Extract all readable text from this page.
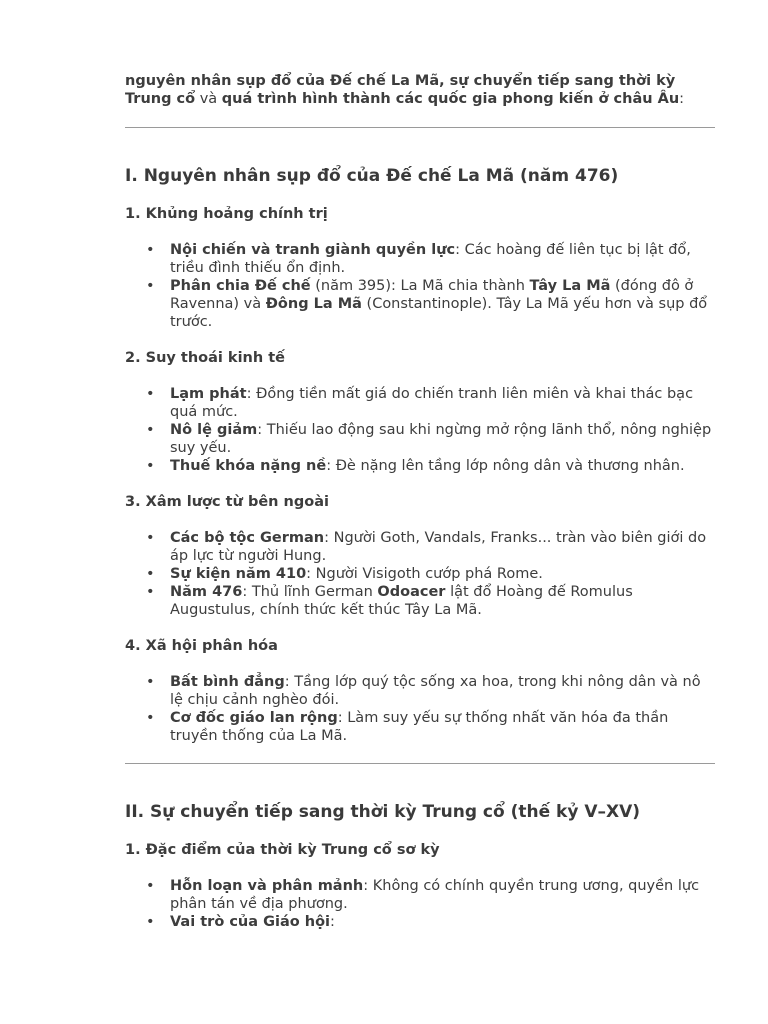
nguyên nhân sụp đổ của Đế chế La Mã, sự chuyển tiếp sang thời kỳ Trung cổ và quá trình hình thành các quốc gia phong kiến ở châu Âu:

I. Nguyên nhân sụp đổ của Đế chế La Mã (năm 476)
1. Khủng hoảng chính trị
• Nội chiến và tranh giành quyền lực: Các hoàng đế liên tục bị lật đổ, triều đình thiếu ổn định.
• Phân chia Đế chế (năm 395): La Mã chia thành Tây La Mã (đóng đô ở Ravenna) và Đông La Mã (Constantinople). Tây La Mã yếu hơn và sụp đổ trước.
2. Suy thoái kinh tế
• Lạm phát: Đồng tiền mất giá do chiến tranh liên miên và khai thác bạc quá mức.
• Nô lệ giảm: Thiếu lao động sau khi ngừng mở rộng lãnh thổ, nông nghiệp suy yếu.
• Thuế khóa nặng nề: Đè nặng lên tầng lớp nông dân và thương nhân.
3. Xâm lược từ bên ngoài
• Các bộ tộc German: Người Goth, Vandals, Franks... tràn vào biên giới do áp lực từ người Hung.
• Sự kiện năm 410: Người Visigoth cướp phá Rome.
• Năm 476: Thủ lĩnh German Odoacer lật đổ Hoàng đế Romulus Augustulus, chính thức kết thúc Tây La Mã.
4. Xã hội phân hóa
• Bất bình đẳng: Tầng lớp quý tộc sống xa hoa, trong khi nông dân và nô lệ chịu cảnh nghèo đói.
• Cơ đốc giáo lan rộng: Làm suy yếu sự thống nhất văn hóa đa thần truyền thống của La Mã.
II. Sự chuyển tiếp sang thời kỳ Trung cổ (thế kỷ V–XV)
1. Đặc điểm của thời kỳ Trung cổ sơ kỳ
• Hỗn loạn và phân mảnh: Không có chính quyền trung ương, quyền lực phân tán về địa phương.
• Vai trò của Giáo hội:
